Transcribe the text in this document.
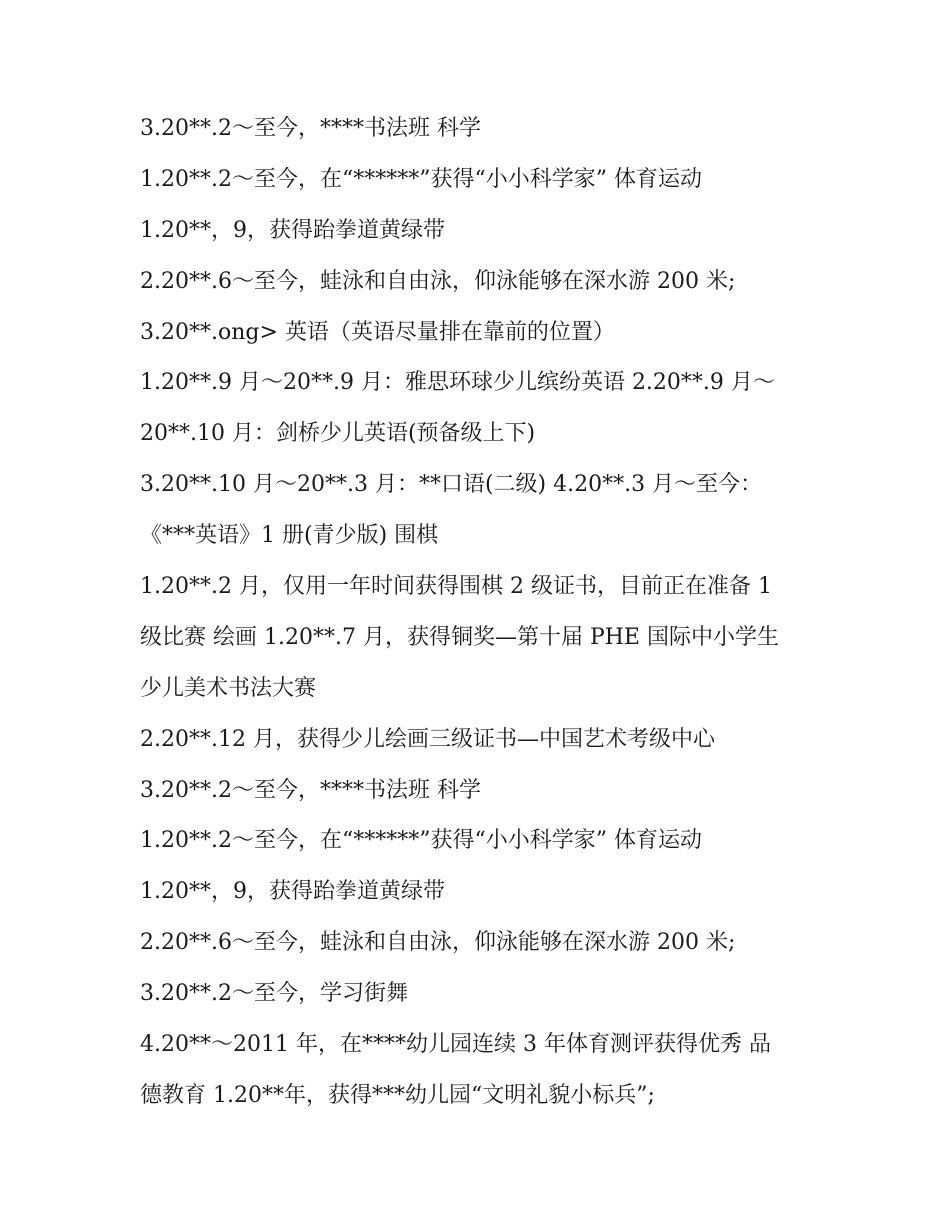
3.20**.2～至今，****书法班 科学
1.20**.2～至今，在“******”获得“小小科学家” 体育运动
1.20**，9，获得跆拳道黄绿带
2.20**.6～至今，蛙泳和自由泳，仰泳能够在深水游 200 米;
3.20**.ong> 英语（英语尽量排在靠前的位置）
1.20**.9 月～20**.9 月：雅思环球少儿缤纷英语 2.20**.9 月～
20**.10 月：剑桥少儿英语(预备级上下)
3.20**.10 月～20**.3 月：**口语(二级) 4.20**.3 月～至今：
《***英语》1 册(青少版) 围棋
1.20**.2 月，仅用一年时间获得围棋 2 级证书，目前正在准备 1
级比赛 绘画 1.20**.7 月，获得铜奖—第十届 PHE 国际中小学生
少儿美术书法大赛
2.20**.12 月，获得少儿绘画三级证书—中国艺术考级中心
3.20**.2～至今，****书法班 科学
1.20**.2～至今，在“******”获得“小小科学家” 体育运动
1.20**，9，获得跆拳道黄绿带
2.20**.6～至今，蛙泳和自由泳，仰泳能够在深水游 200 米;
3.20**.2～至今，学习街舞
4.20**～2011 年，在****幼儿园连续 3 年体育测评获得优秀 品
德教育 1.20**年，获得***幼儿园“文明礼貌小标兵”;
